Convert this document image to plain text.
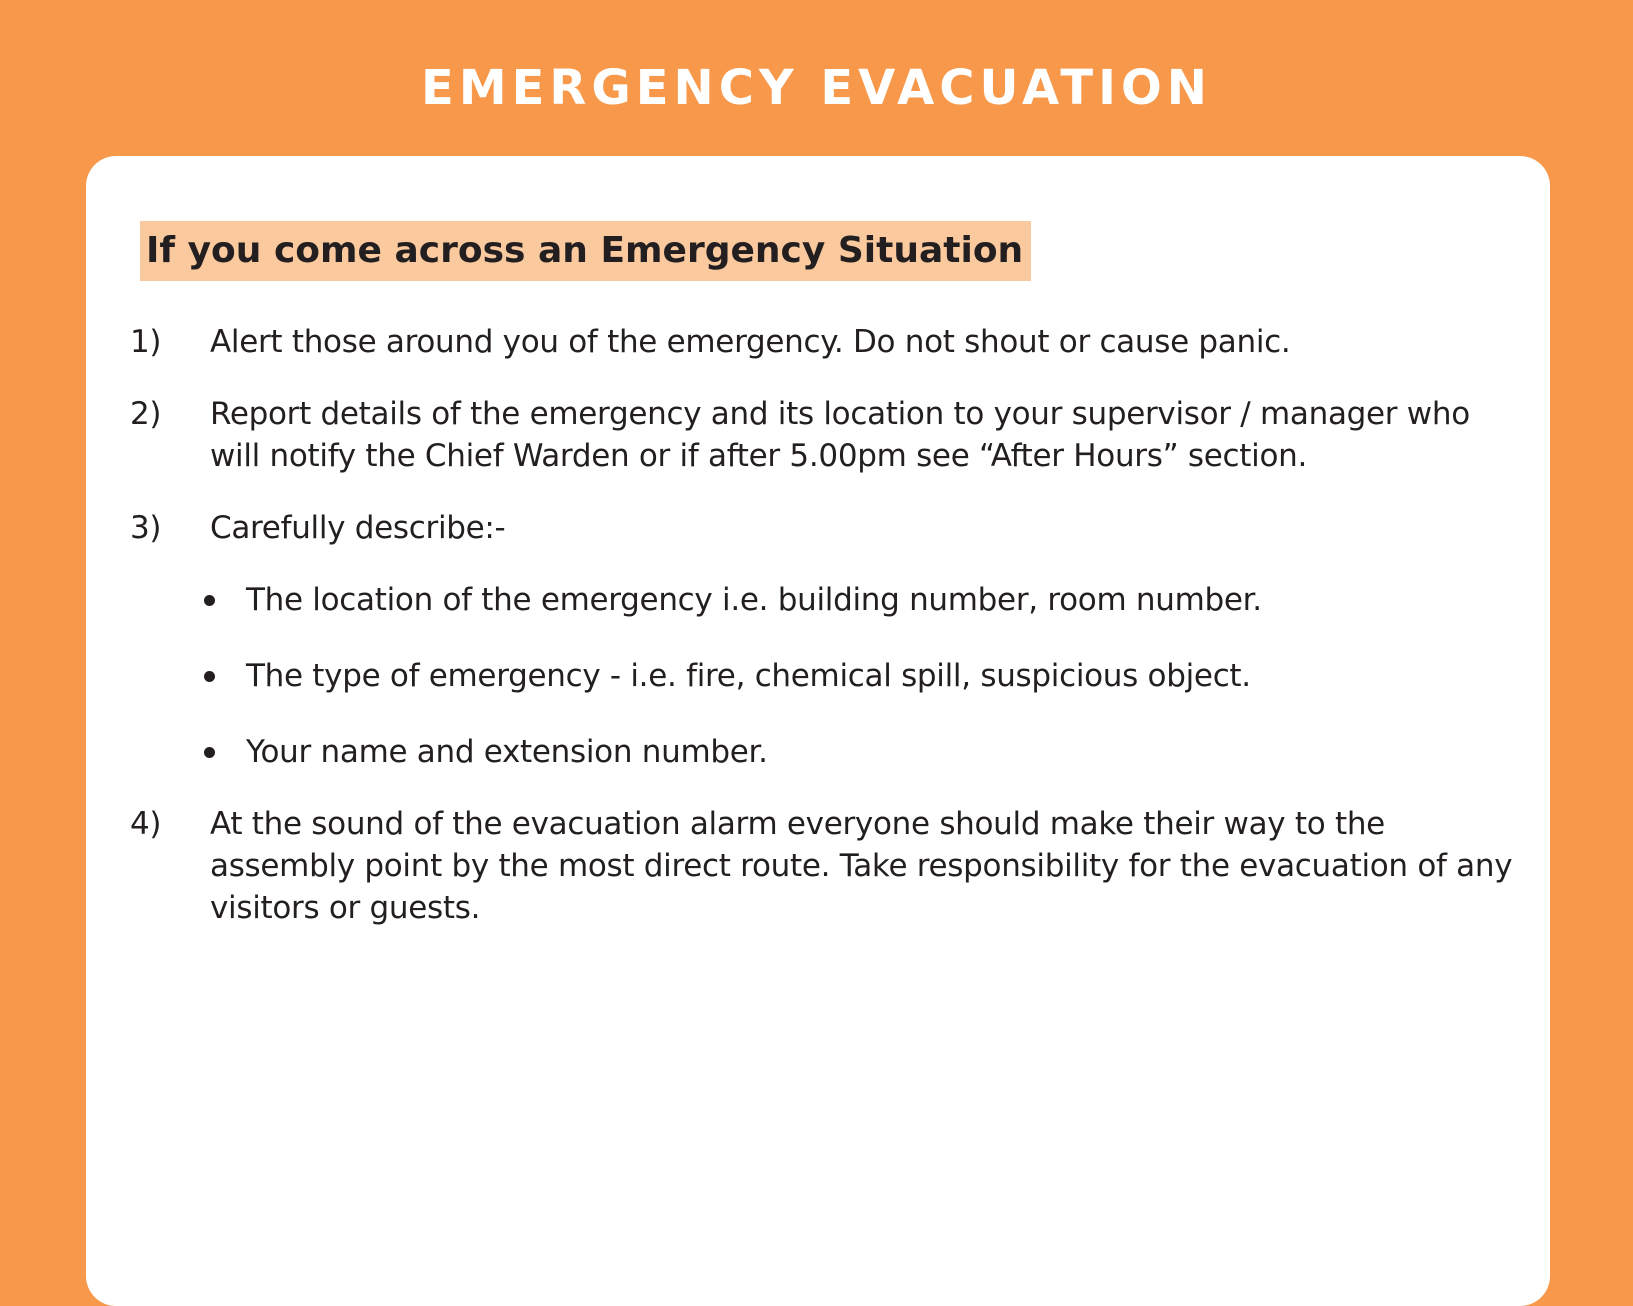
EMERGENCY EVACUATION
If you come across an Emergency Situation
1) Alert those around you of the emergency. Do not shout or cause panic.
2) Report details of the emergency and its location to your supervisor / manager who will notify the Chief Warden or if after 5.00pm see “After Hours” section.
3) Carefully describe:-
The location of the emergency i.e. building number, room number.
The type of emergency - i.e. fire, chemical spill, suspicious object.
Your name and extension number.
4) At the sound of the evacuation alarm everyone should make their way to the assembly point by the most direct route. Take responsibility for the evacuation of any visitors or guests.
